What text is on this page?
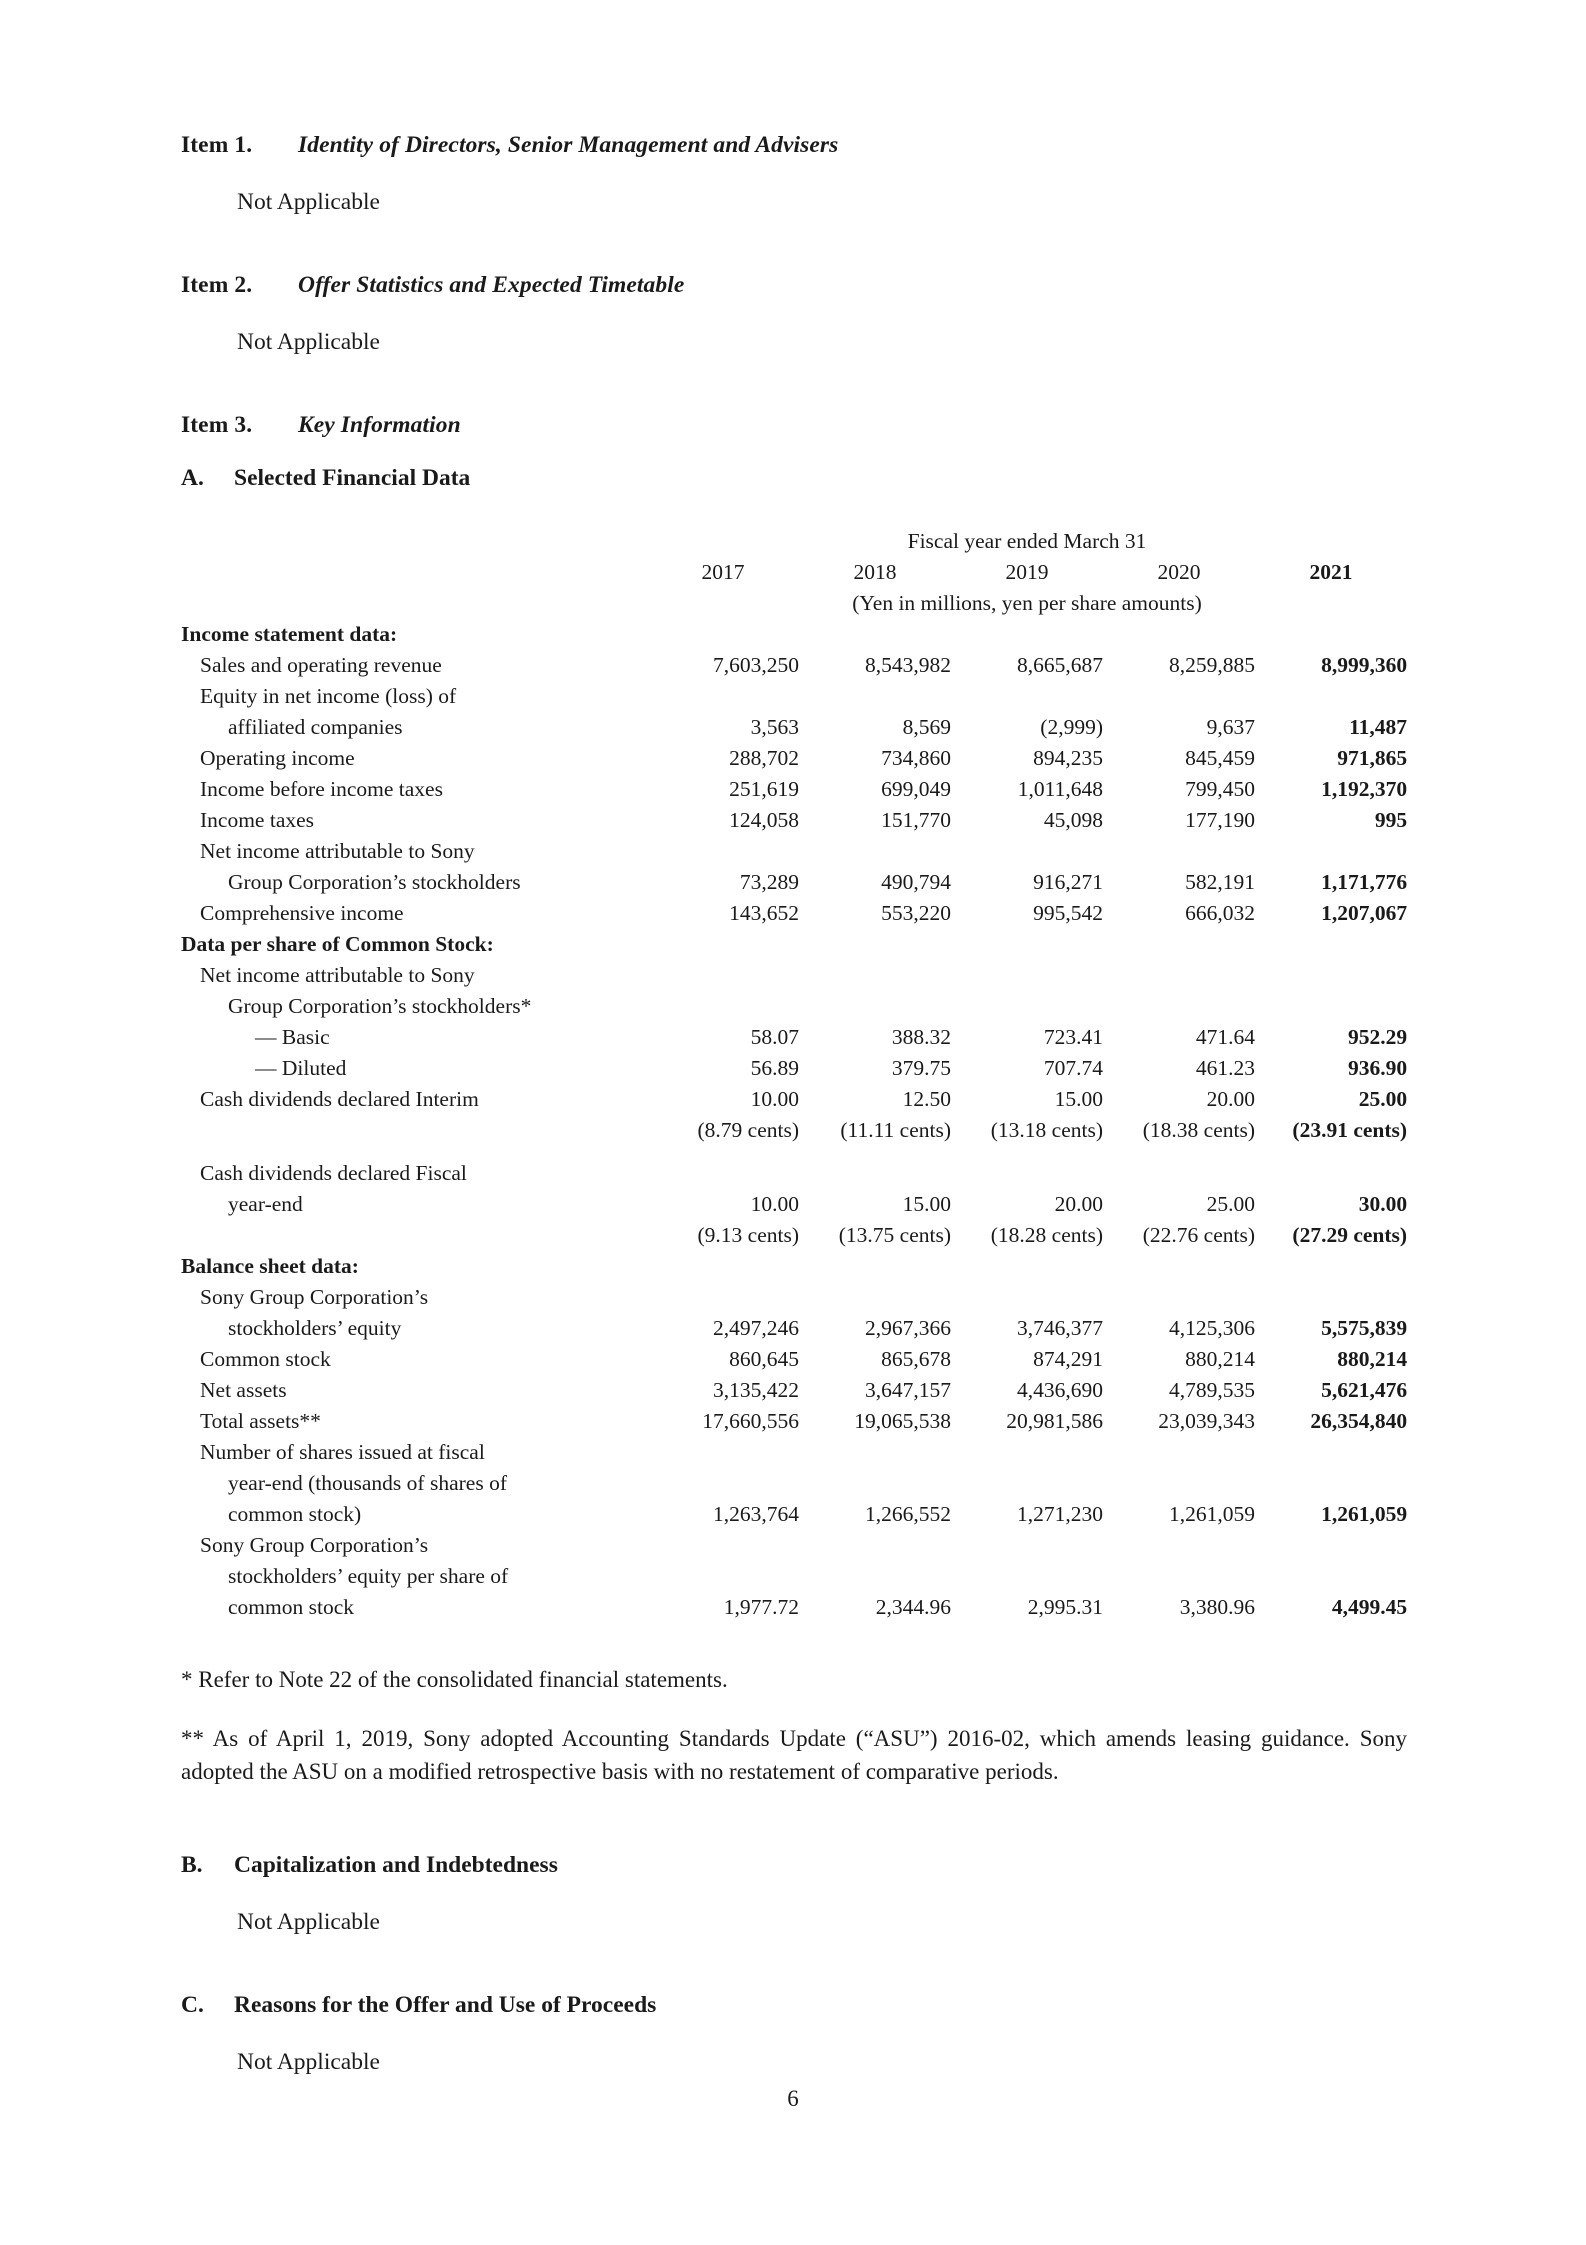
Item 1.	Identity of Directors, Senior Management and Advisers

Not Applicable

Item 2.	Offer Statistics and Expected Timetable

Not Applicable

Item 3.	Key Information
A.	Selected Financial Data
	Fiscal year ended March 31				

	2017	2018	2019	2020	2021

	(Yen in millions, yen per share amounts)				
Income statement data:					
Sales and operating revenue	7,603,250	8,543,982	8,665,687	8,259,885	8,999,360
Equity in net income (loss) of					
affiliated companies	3,563	8,569	(2,999)	9,637	11,487
Operating income	288,702	734,860	894,235	845,459	971,865
Income before income taxes	251,619	699,049	1,011,648	799,450	1,192,370
Income taxes	124,058	151,770	45,098	177,190	995
Net income attributable to Sony					
Group Corporation’s stockholders	73,289	490,794	916,271	582,191	1,171,776
Comprehensive income	143,652	553,220	995,542	666,032	1,207,067
Data per share of Common Stock:					
Net income attributable to Sony					
Group Corporation’s stockholders*					
— Basic	58.07	388.32	723.41	471.64	952.29
— Diluted	56.89	379.75	707.74	461.23	936.90
Cash dividends declared Interim	10.00	12.50	15.00	20.00	25.00
	(8.79 cents)	(11.11 cents)	(13.18 cents)	(18.38 cents)	(23.91 cents)

Cash dividends declared Fiscal					
year-end	10.00	15.00	20.00	25.00	30.00
	(9.13 cents)	(13.75 cents)	(18.28 cents)	(22.76 cents)	(27.29 cents)
Balance sheet data:					
Sony Group Corporation’s					
stockholders’ equity	2,497,246	2,967,366	3,746,377	4,125,306	5,575,839
Common stock	860,645	865,678	874,291	880,214	880,214
Net assets	3,135,422	3,647,157	4,436,690	4,789,535	5,621,476
Total assets**	17,660,556	19,065,538	20,981,586	23,039,343	26,354,840
Number of shares issued at fiscal					
year-end (thousands of shares of					
common stock)	1,263,764	1,266,552	1,271,230	1,261,059	1,261,059
Sony Group Corporation’s					
stockholders’ equity per share of					
common stock	1,977.72	2,344.96	2,995.31	3,380.96	4,499.45

* Refer to Note 22 of the consolidated financial statements.

** As of April 1, 2019, Sony adopted Accounting Standards Update (“ASU”) 2016-02, which amends leasing guidance. Sony adopted the ASU on a modified retrospective basis with no restatement of comparative periods.

B.	Capitalization and Indebtedness

Not Applicable

C.	Reasons for the Offer and Use of Proceeds

Not Applicable

6
